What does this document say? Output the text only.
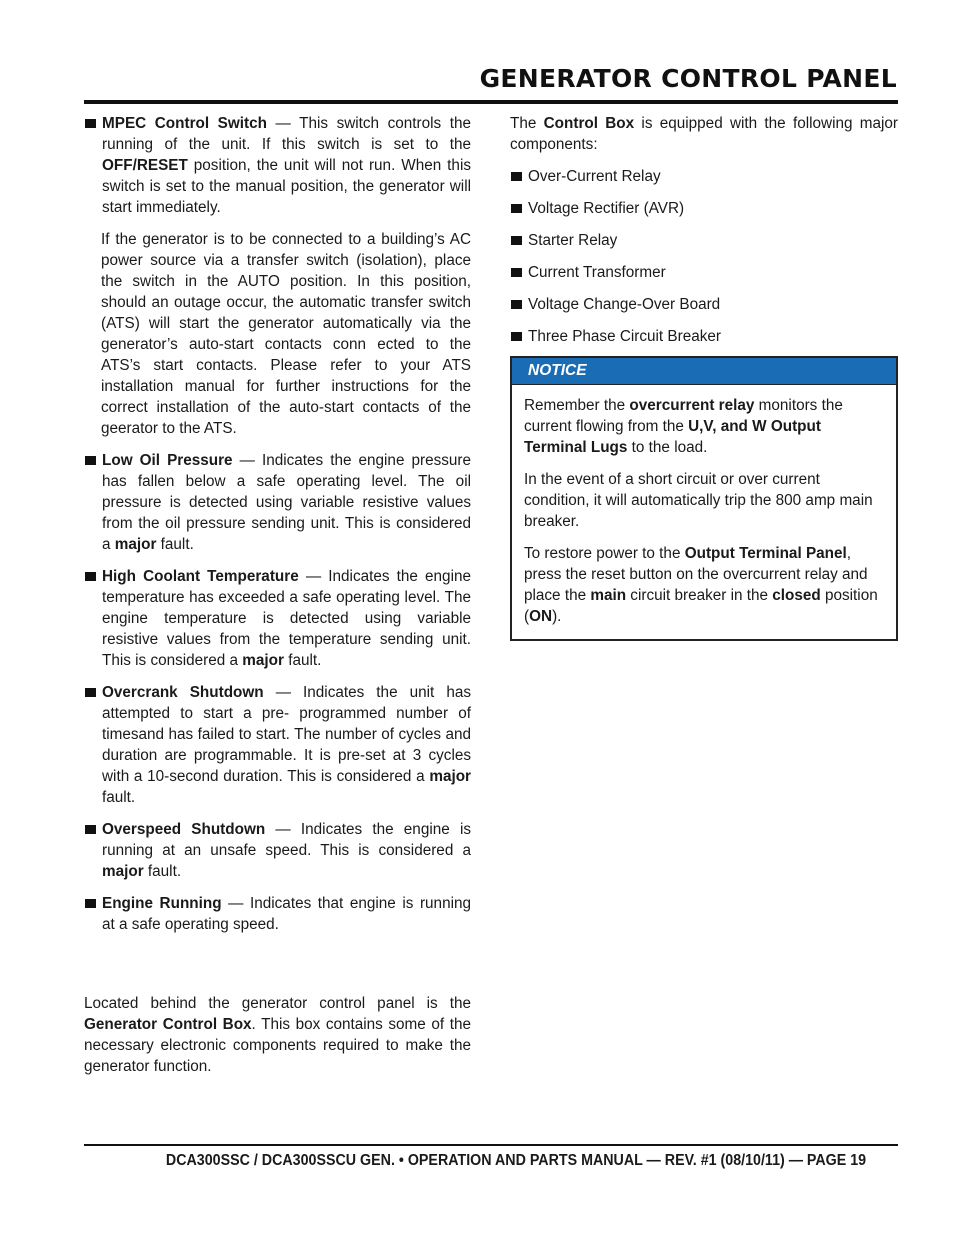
GENERATOR CONTROL PANEL

MPEC Control Switch — This switch controls the running of the unit. If this switch is set to the OFF/RESET position, the unit will not run. When this switch is set to the manual position, the generator will start immediately.

If the generator is to be connected to a building’s AC power source via a transfer switch (isolation), place the switch in the AUTO position. In this position, should an outage occur, the automatic transfer switch (ATS) will start the generator automatically via the generator’s auto-start contacts conn ected to the ATS’s start contacts. Please refer to your ATS installation manual for further instructions for the correct installation of the auto-start contacts of the geerator to the ATS.

Low Oil Pressure — Indicates the engine pressure has fallen below a safe operating level. The oil pressure is detected using variable resistive values from the oil pressure sending unit. This is considered a major fault.

High Coolant Temperature — Indicates the engine temperature has exceeded a safe operating level. The engine temperature is detected using variable resistive values from the temperature sending unit. This is considered a major fault.

Overcrank Shutdown — Indicates the unit has attempted to start a pre- programmed number of timesand has failed to start. The number of cycles and duration are programmable. It is pre-set at 3 cycles with a 10-second duration. This is considered a major fault.

Overspeed Shutdown — Indicates the engine is running at an unsafe speed. This is considered a major fault.

Engine Running — Indicates that engine is running at a safe operating speed.

Located behind the generator control panel is the Generator Control Box. This box contains some of the necessary electronic components required to make the generator function.

The Control Box is equipped with the following major components:

Over-Current Relay
Voltage Rectifier (AVR)
Starter Relay
Current Transformer
Voltage Change-Over Board
Three Phase Circuit Breaker
NOTICE

Remember the overcurrent relay monitors the current flowing from the U,V, and W Output Terminal Lugs to the load.

In the event of a short circuit or over current condition, it will automatically trip the 800 amp main breaker.

To restore power to the Output Terminal Panel, press the reset button on the overcurrent relay and place the main circuit breaker in the closed position (ON).

DCA300SSC / DCA300SSCU GEN. • OPERATION AND PARTS MANUAL — REV. #1 (08/10/11) — PAGE 19
